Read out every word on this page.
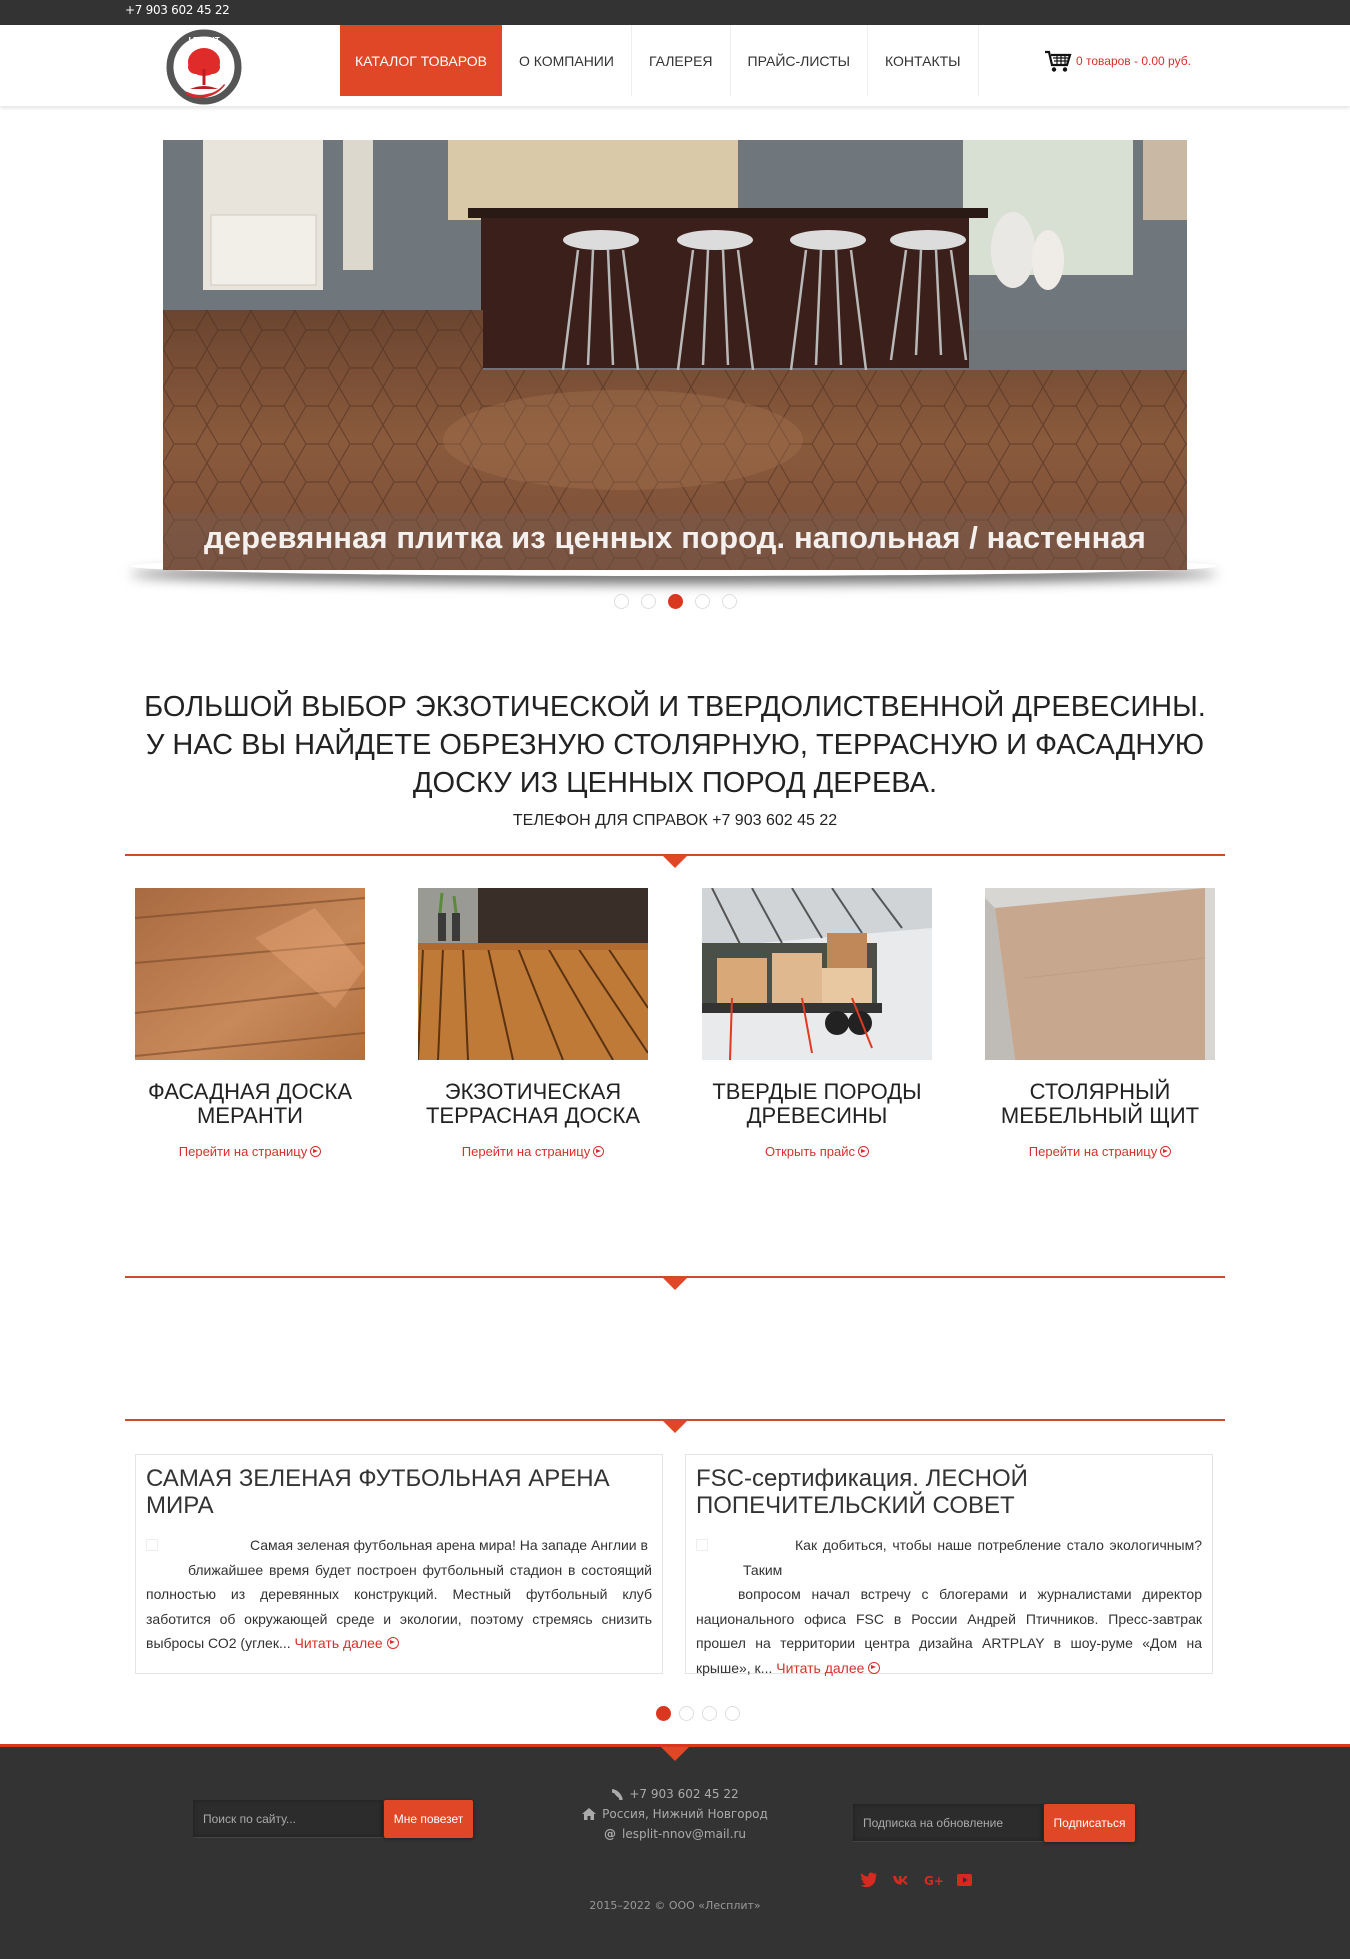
+7 903 602 45 22
LESPLIT
КАТАЛОГ ТОВАРОВ	О КОМПАНИИ	ГАЛЕРЕЯ	ПРАЙС-ЛИСТЫ	КОНТАКТЫ	0 товаров - 0.00 руб.
деревянная плитка из ценных пород. напольная / настенная
БОЛЬШОЙ ВЫБОР ЭКЗОТИЧЕСКОЙ И ТВЕРДОЛИСТВЕННОЙ ДРЕВЕСИНЫ.
У НАС ВЫ НАЙДЕТЕ ОБРЕЗНУЮ СТОЛЯРНУЮ, ТЕРРАСНУЮ И ФАСАДНУЮ
ДОСКУ ИЗ ЦЕННЫХ ПОРОД ДЕРЕВА.
ТЕЛЕФОН ДЛЯ СПРАВОК +7 903 602 45 22
ФАСАДНАЯ ДОСКА
МЕРАНТИ
Перейти на страницу
ЭКЗОТИЧЕСКАЯ
ТЕРРАСНАЯ ДОСКА
Перейти на страницу
ТВЕРДЫЕ ПОРОДЫ
ДРЕВЕСИНЫ
Открыть прайс
СТОЛЯРНЫЙ
МЕБЕЛЬНЫЙ ЩИТ
Перейти на страницу
САМАЯ ЗЕЛЕНАЯ ФУТБОЛЬНАЯ АРЕНА МИРА
Самая зеленая футбольная арена мира! На западе Англии в
ближайшее время будет построен футбольный стадион в состоящий полностью из деревянных конструкций. Местный футбольный клуб заботится об окружающей среде и экологии, поэтому стремясь снизить выбросы СО2 (углек... Читать далее
FSC-сертификация. ЛЕСНОЙ ПОПЕЧИТЕЛЬСКИЙ СОВЕТ
Как добиться, чтобы наше потребление стало экологичным? Таким
вопросом начал встречу с блогерами и журналистами директор национального офиса FSC в России Андрей Птичников. Пресс-завтрак прошел на территории центра дизайна ARTPLAY в шоу-руме «Дом на крыше», к... Читать далее
Поиск по сайту...
Мне повезет
+7 903 602 45 22
Россия, Нижний Новгород
@ lesplit-nnov@mail.ru
Подписка на обновление
Подписаться
G+
2015–2022 © ООО «Лесплит»
